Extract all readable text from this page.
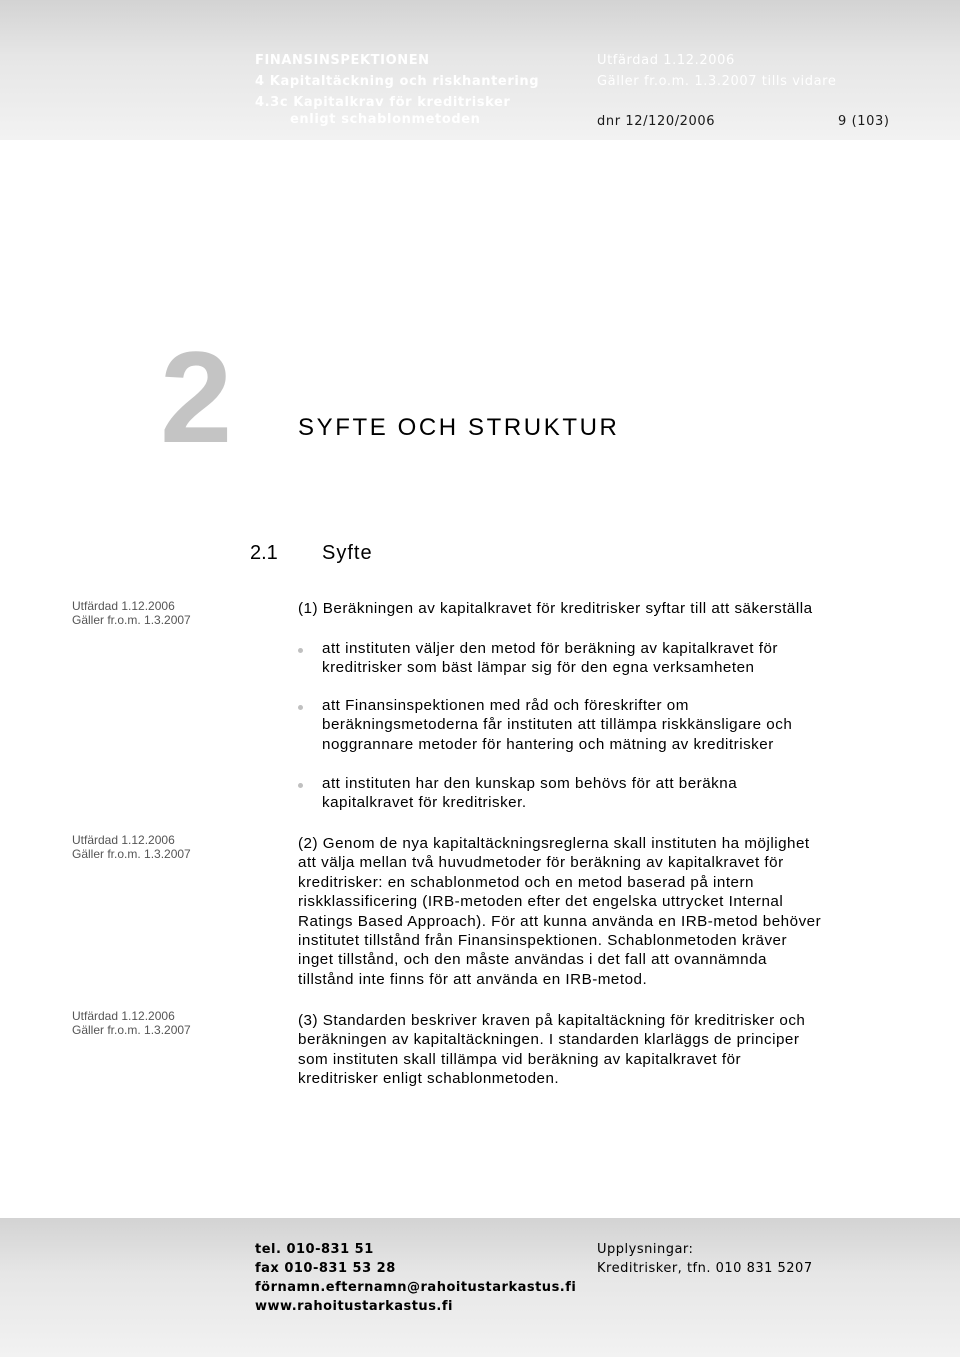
FINANSINSPEKTIONEN
4 Kapitaltäckning och riskhantering
4.3c Kapitalkrav för kreditrisker
enligt schablonmetoden
Utfärdad 1.12.2006
Gäller fr.o.m. 1.3.2007 tills vidare
dnr 12/120/2006	9 (103)
2	SYFTE OCH STRUKTUR
2.1 Syfte
Utfärdad 1.12.2006
Gäller fr.o.m. 1.3.2007
(1) Beräkningen av kapitalkravet för kreditrisker syftar till att säkerställa
att instituten väljer den metod för beräkning av kapitalkravet för
kreditrisker som bäst lämpar sig för den egna verksamheten
att Finansinspektionen med råd och föreskrifter om
beräkningsmetoderna får instituten att tillämpa riskkänsligare och
noggrannare metoder för hantering och mätning av kreditrisker
att instituten har den kunskap som behövs för att beräkna
kapitalkravet för kreditrisker.
Utfärdad 1.12.2006
Gäller fr.o.m. 1.3.2007
(2) Genom de nya kapitaltäckningsreglerna skall instituten ha möjlighet
att välja mellan två huvudmetoder för beräkning av kapitalkravet för
kreditrisker: en schablonmetod och en metod baserad på intern
riskklassificering (IRB-metoden efter det engelska uttrycket Internal
Ratings Based Approach). För att kunna använda en IRB-metod behöver
institutet tillstånd från Finansinspektionen. Schablonmetoden kräver
inget tillstånd, och den måste användas i det fall att ovannämnda
tillstånd inte finns för att använda en IRB-metod.
Utfärdad 1.12.2006
Gäller fr.o.m. 1.3.2007
(3) Standarden beskriver kraven på kapitaltäckning för kreditrisker och
beräkningen av kapitaltäckningen. I standarden klarläggs de principer
som instituten skall tillämpa vid beräkning av kapitalkravet för
kreditrisker enligt schablonmetoden.
tel. 010-831 51
fax 010-831 53 28
förnamn.efternamn@rahoitustarkastus.fi
www.rahoitustarkastus.fi
Upplysningar:
Kreditrisker, tfn. 010 831 5207
